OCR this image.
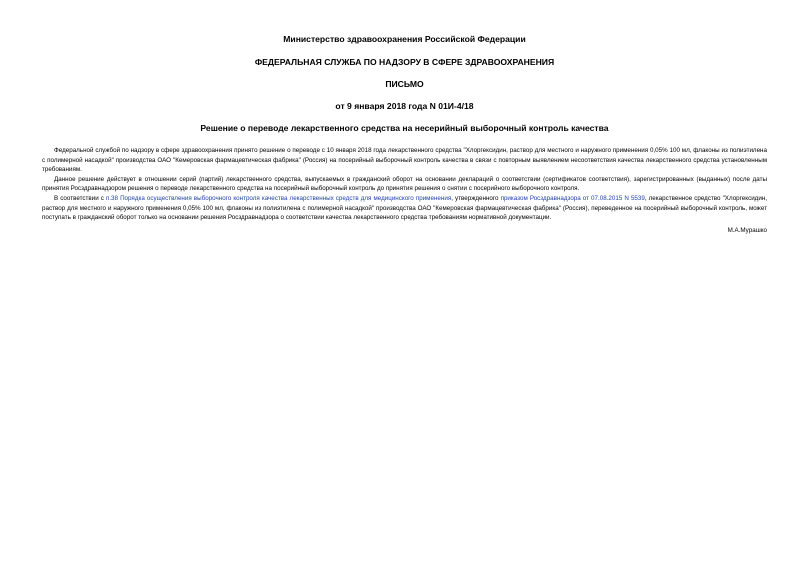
Министерство здравоохранения Российской Федерации
ФЕДЕРАЛЬНАЯ СЛУЖБА ПО НАДЗОРУ В СФЕРЕ ЗДРАВООХРАНЕНИЯ
ПИСЬМО
от 9 января 2018 года N 01И-4/18
Решение о переводе лекарственного средства на несерийный выборочный контроль качества

Федеральной службой по надзору в сфере здравоохранения принято решение о переводе с 10 января 2018 года лекарственного средства "Хлоргексидин, раствор для местного и наружного применения 0,05% 100 мл, флаконы из полиэтилена с полимерной насадкой" производства ОАО "Кемеровская фармацевтическая фабрика" (Россия) на посерийный выборочный контроль качества в связи с повторным выявлением несоответствия качества лекарственного средства установленным требованиям.

Данное решение действует в отношении серий (партий) лекарственного средства, выпускаемых в гражданский оборот на основании деклараций о соответствии (сертификатов соответствия), зарегистрированных (выданных) после даты принятия Росздравнадзором решения о переводе лекарственного средства на посерийный выборочный контроль до принятия решения о снятии с посерийного выборочного контроля.

В соответствии с п.38 Порядка осуществления выборочного контроля качества лекарственных средств для медицинского применения, утвержденного приказом Росздравнадзора от 07.08.2015 N 5539, лекарственное средство "Хлоргексидин, раствор для местного и наружного применения 0,05% 100 мл, флаконы из полиэтилена с полимерной насадкой" производства ОАО "Кемеровская фармацевтическая фабрика" (Россия), переведенное на посерийный выборочный контроль, может поступать в гражданский оборот только на основании решения Росздравнадзора о соответствии качества лекарственного средства требованиям нормативной документации.

М.А.Мурашко
